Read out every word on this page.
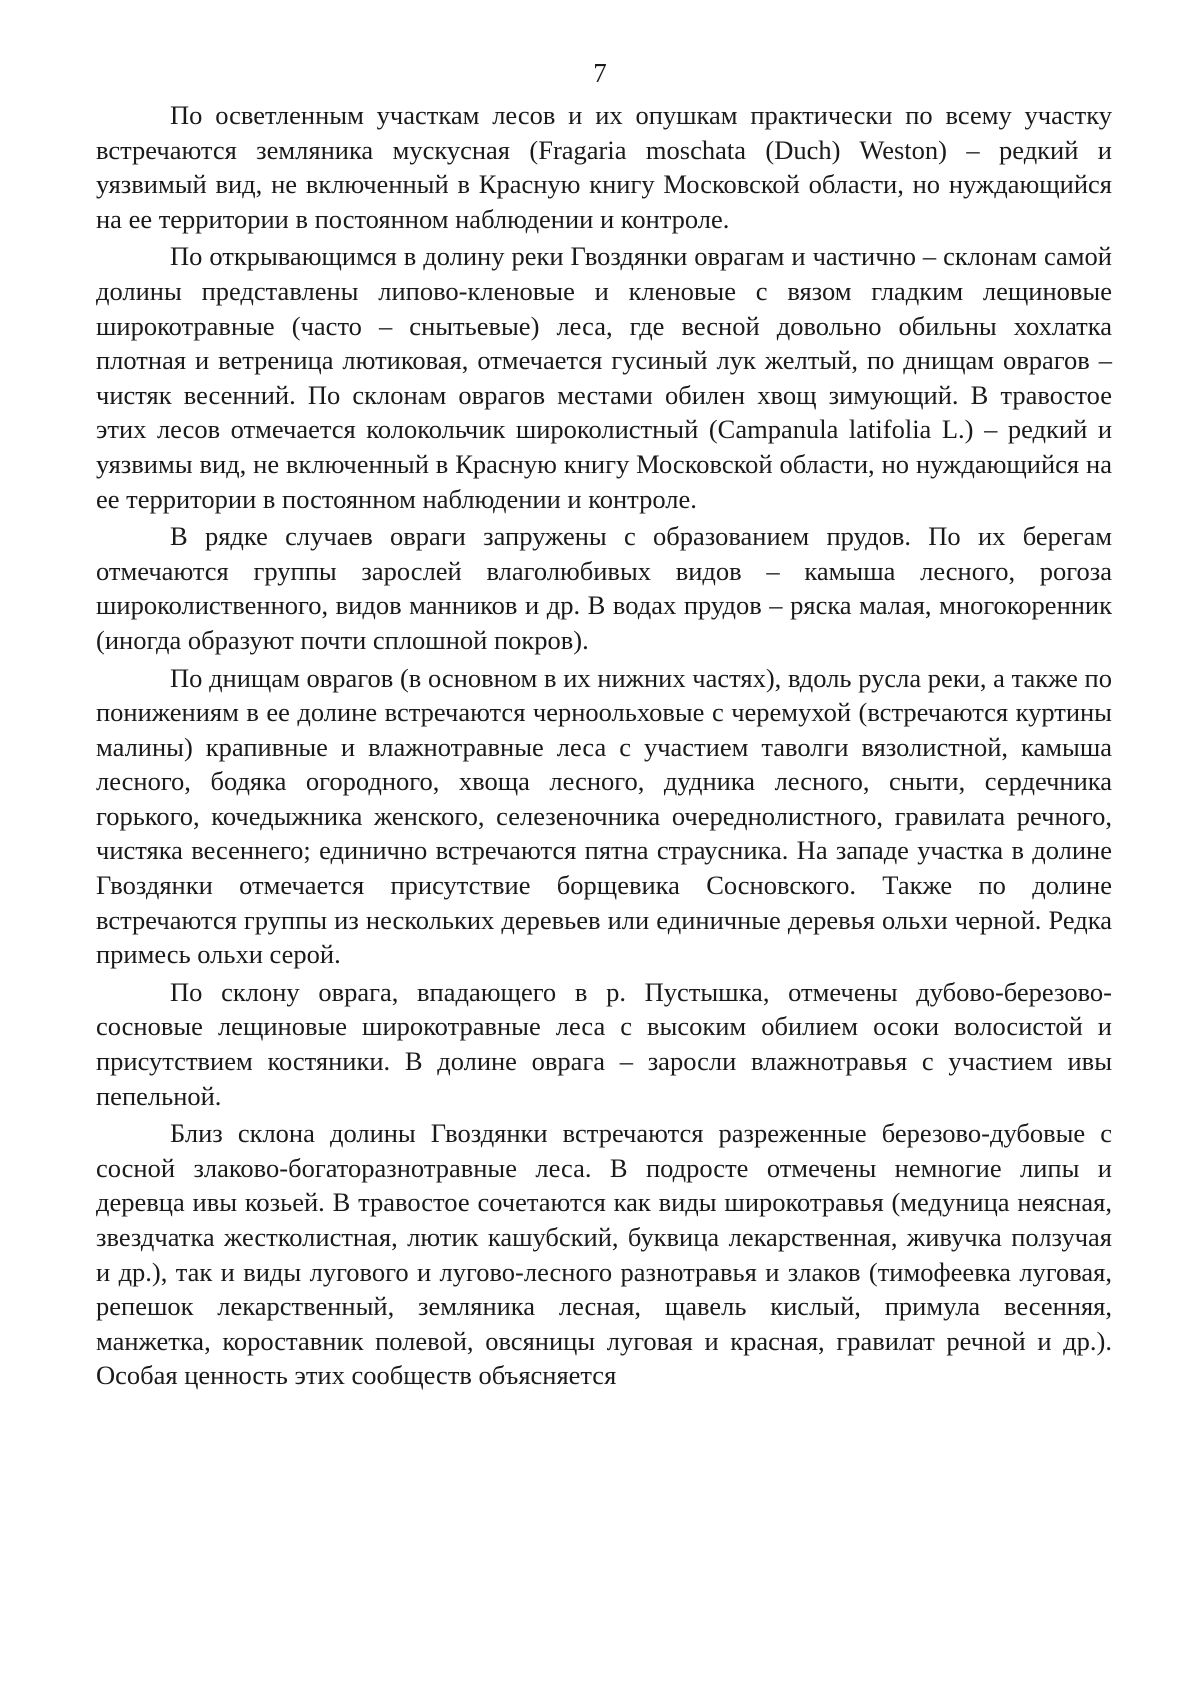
7

По осветленным участкам лесов и их опушкам практически по всему участку встречаются земляника мускусная (Fragaria moschata (Duch) Weston) – редкий и уязвимый вид, не включенный в Красную книгу Московской области, но нуждающийся на ее территории в постоянном наблюдении и контроле.

По открывающимся в долину реки Гвоздянки оврагам и частично – склонам самой долины представлены липово-кленовые и кленовые с вязом гладким лещиновые широкотравные (часто – снытьевые) леса, где весной довольно обильны хохлатка плотная и ветреница лютиковая, отмечается гусиный лук желтый, по днищам оврагов – чистяк весенний. По склонам оврагов местами обилен хвощ зимующий. В травостое этих лесов отмечается колокольчик широколистный (Campanula latifolia L.) – редкий и уязвимы вид, не включенный в Красную книгу Московской области, но нуждающийся на ее территории в постоянном наблюдении и контроле.

В рядке случаев овраги запружены с образованием прудов. По их берегам отмечаются группы зарослей влаголюбивых видов – камыша лесного, рогоза широколиственного, видов манников и др. В водах прудов – ряска малая, многокоренник (иногда образуют почти сплошной покров).

По днищам оврагов (в основном в их нижних частях), вдоль русла реки, а также по понижениям в ее долине встречаются черноольховые с черемухой (встречаются куртины малины) крапивные и влажнотравные леса с участием таволги вязолистной, камыша лесного, бодяка огородного, хвоща лесного, дудника лесного, сныти, сердечника горького, кочедыжника женского, селезеночника очереднолистного, гравилата речного, чистяка весеннего; единично встречаются пятна страусника. На западе участка в долине Гвоздянки отмечается присутствие борщевика Сосновского. Также по долине встречаются группы из нескольких деревьев или единичные деревья ольхи черной. Редка примесь ольхи серой.

По склону оврага, впадающего в р. Пустышка, отмечены дубово-березово-сосновые лещиновые широкотравные леса с высоким обилием осоки волосистой и присутствием костяники. В долине оврага – заросли влажнотравья с участием ивы пепельной.

Близ склона долины Гвоздянки встречаются разреженные березово-дубовые с сосной злаково-богаторазнотравные леса. В подросте отмечены немногие липы и деревца ивы козьей. В травостое сочетаются как виды широкотравья (медуница неясная, звездчатка жестколистная, лютик кашубский, буквица лекарственная, живучка ползучая и др.), так и виды лугового и лугово-лесного разнотравья и злаков (тимофеевка луговая, репешок лекарственный, земляника лесная, щавель кислый, примула весенняя, манжетка, короставник полевой, овсяницы луговая и красная, гравилат речной и др.). Особая ценность этих сообществ объясняется
